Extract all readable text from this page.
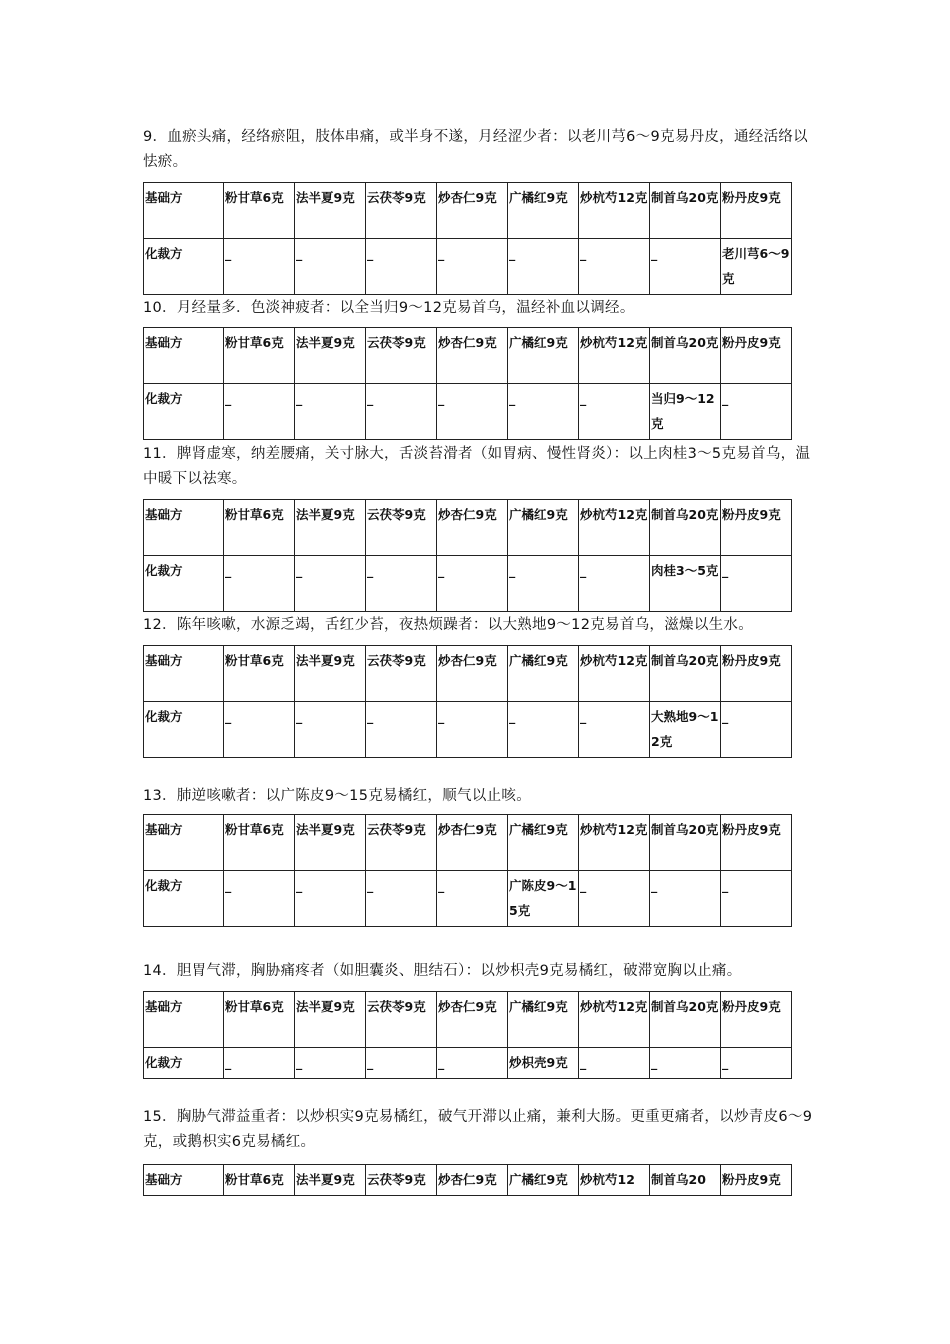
9．血瘀头痛，经络瘀阻，肢体串痛，或半身不遂，月经涩少者：以老川芎6～9克易丹皮，通经活络以怯瘀。

基础方	粉甘草6克	法半夏9克	云茯苓9克	炒杏仁9克	广橘红9克	炒杭芍12克	制首乌20克	粉丹皮9克
化裁方	_	_	_	_	_	_	_	老川芎6～9克

10．月经量多．色淡神疲者：以全当归9～12克易首乌，温经补血以调经。

基础方	粉甘草6克	法半夏9克	云茯苓9克	炒杏仁9克	广橘红9克	炒杭芍12克	制首乌20克	粉丹皮9克
化裁方	_	_	_	_	_	_	当归9～12克	_

11．脾肾虚寒，纳差腰痛，关寸脉大，舌淡苔滑者（如胃病、慢性肾炎）：以上肉桂3～5克易首乌，温中暖下以祛寒。

基础方	粉甘草6克	法半夏9克	云茯苓9克	炒杏仁9克	广橘红9克	炒杭芍12克	制首乌20克	粉丹皮9克
化裁方	_	_	_	_	_	_	肉桂3～5克	_

12．陈年咳嗽，水源乏竭，舌红少苔，夜热烦躁者：以大熟地9～12克易首乌，滋燥以生水。

基础方	粉甘草6克	法半夏9克	云茯苓9克	炒杏仁9克	广橘红9克	炒杭芍12克	制首乌20克	粉丹皮9克
化裁方	_	_	_	_	_	_	大熟地9～12克	_

13．肺逆咳嗽者：以广陈皮9～15克易橘红，顺气以止咳。

基础方	粉甘草6克	法半夏9克	云茯苓9克	炒杏仁9克	广橘红9克	炒杭芍12克	制首乌20克	粉丹皮9克
化裁方	_	_	_	_	广陈皮9～15克	_	_	_

14．胆胃气滞，胸胁痛疼者（如胆囊炎、胆结石）：以炒枳壳9克易橘红，破滞宽胸以止痛。

基础方	粉甘草6克	法半夏9克	云茯苓9克	炒杏仁9克	广橘红9克	炒杭芍12克	制首乌20克	粉丹皮9克
化裁方	_	_	_	_	炒枳壳9克	_	_	_

15．胸胁气滞益重者：以炒枳实9克易橘红，破气开滞以止痛，兼利大肠。更重更痛者，以炒青皮6～9克，或鹅枳实6克易橘红。

基础方	粉甘草6克	法半夏9克	云茯苓9克	炒杏仁9克	广橘红9克	炒杭芍12	制首乌20	粉丹皮9克
